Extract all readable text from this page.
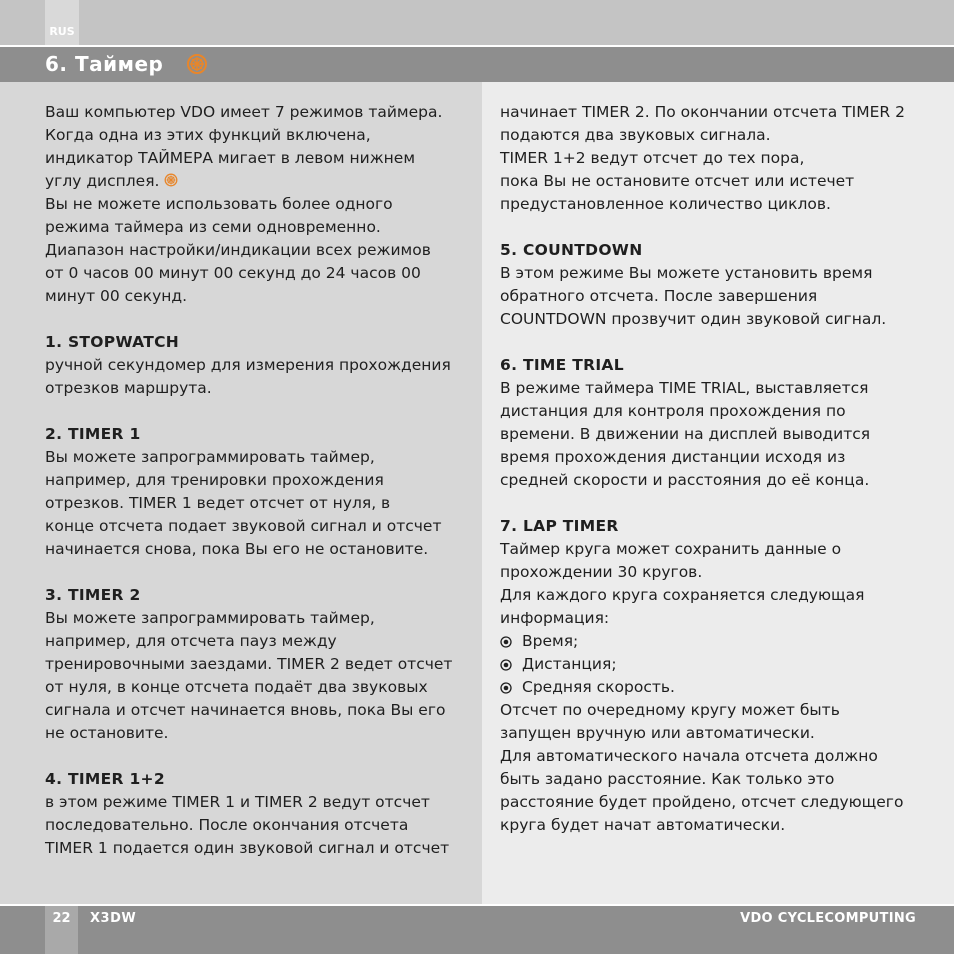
RUS
6. Таймер

Ваш компьютер VDO имеет 7 режимов таймера.

Когда одна из этих функций включена,

индикатор ТАЙМЕРА мигает в левом нижнем

углу дисплея.

Вы не можете использовать более одного

режима таймера из семи одновременно.

Диапазон настройки/индикации всех режимов

от 0 часов 00 минут 00 секунд до 24 часов 00

минут 00 секунд.

1. STOPWATCH

ручной секундомер для измерения прохождения

отрезков маршрута.

2. TIMER 1

Вы можете запрограммировать таймер,

например, для тренировки прохождения

отрезков. TIMER 1 ведет отсчет от нуля, в

конце отсчета подает звуковой сигнал и отсчет

начинается снова, пока Вы его не остановите.

3. TIMER 2

Вы можете запрограммировать таймер,

например, для отсчета пауз между

тренировочными заездами. TIMER 2 ведет отсчет

от нуля, в конце отсчета подаёт два звуковых

сигнала и отсчет начинается вновь, пока Вы его

не остановите.

4. TIMER 1+2

в этом режиме TIMER 1 и TIMER 2 ведут отсчет

последовательно. После окончания отсчета

TIMER 1 подается один звуковой сигнал и отсчет

начинает TIMER 2. По окончании отсчета TIMER 2

подаются два звуковых сигнала.

TIMER 1+2 ведут отсчет до тех пора,

пока Вы не остановите отсчет или истечет

предустановленное количество циклов.

5. COUNTDOWN

В этом режиме Вы можете установить время

обратного отсчета. После завершения

COUNTDOWN прозвучит один звуковой сигнал.

6. TIME TRIAL

В режиме таймера TIME TRIAL, выставляется

дистанция для контроля прохождения по

времени. В движении на дисплей выводится

время прохождения дистанции исходя из

средней скорости и расстояния до её конца.

7. LAP TIMER

Таймер круга может сохранить данные о

прохождении 30 кругов.

Для каждого круга сохраняется следующая

информация:

Время;
Дистанция;
Средняя скорость.

Отсчет по очередному кругу может быть

запущен вручную или автоматически.

Для автоматического начала отсчета должно

быть задано расстояние. Как только это

расстояние будет пройдено, отсчет следующего

круга будет начат автоматически.

22	X3DW	VDO CYCLECOMPUTING
